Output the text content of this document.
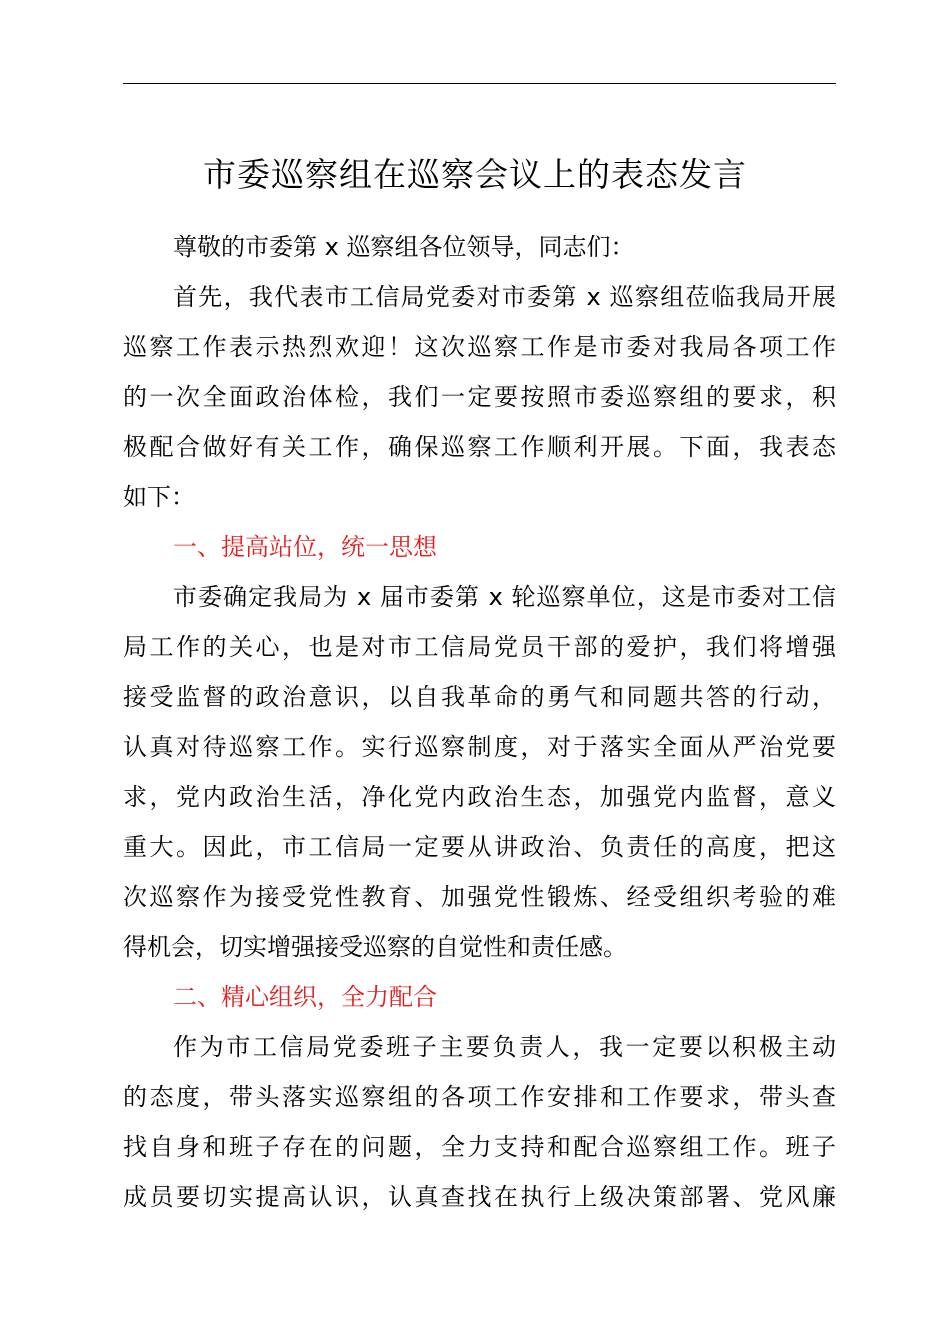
市委巡察组在巡察会议上的表态发言
尊敬的市委第 x 巡察组各位领导，同志们：
首先，我代表市工信局党委对市委第 x 巡察组莅临我局开展
巡察工作表示热烈欢迎！这次巡察工作是市委对我局各项工作
的一次全面政治体检，我们一定要按照市委巡察组的要求，积
极配合做好有关工作，确保巡察工作顺利开展。下面，我表态
如下：
一、提高站位，统一思想
市委确定我局为 x 届市委第 x 轮巡察单位，这是市委对工信
局工作的关心，也是对市工信局党员干部的爱护，我们将增强
接受监督的政治意识，以自我革命的勇气和同题共答的行动，
认真对待巡察工作。实行巡察制度，对于落实全面从严治党要
求，党内政治生活，净化党内政治生态，加强党内监督，意义
重大。因此，市工信局一定要从讲政治、负责任的高度，把这
次巡察作为接受党性教育、加强党性锻炼、经受组织考验的难
得机会，切实增强接受巡察的自觉性和责任感。
二、精心组织，全力配合
作为市工信局党委班子主要负责人，我一定要以积极主动
的态度，带头落实巡察组的各项工作安排和工作要求，带头查
找自身和班子存在的问题，全力支持和配合巡察组工作。班子
成员要切实提高认识，认真查找在执行上级决策部署、党风廉
